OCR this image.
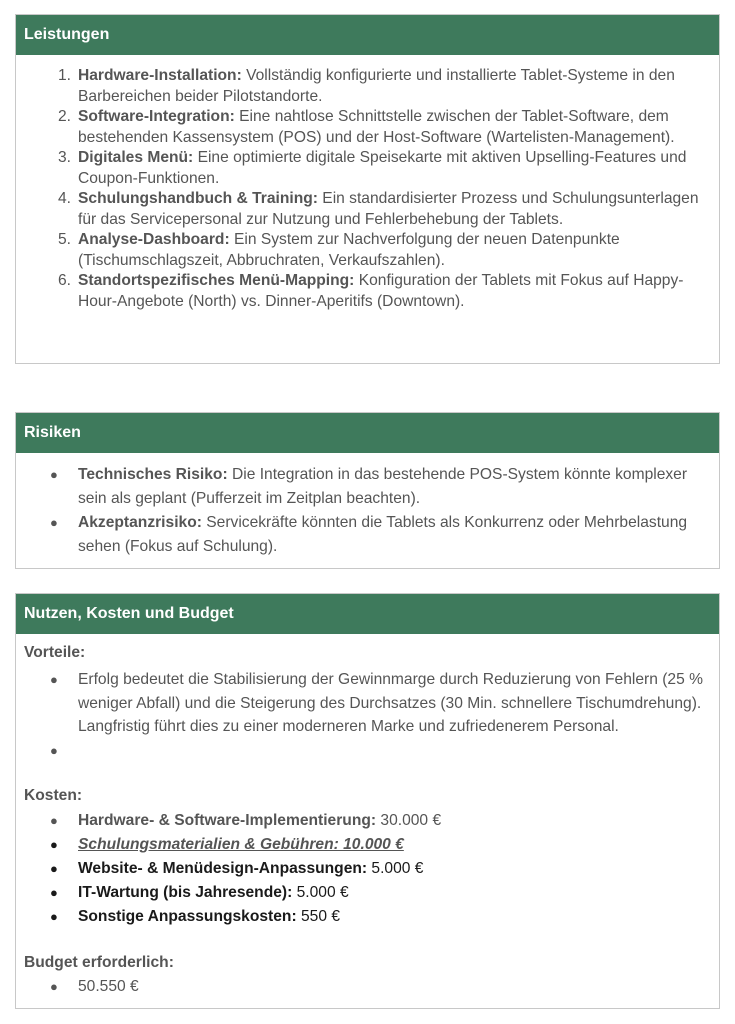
Leistungen
1. Hardware-Installation: Vollständig konfigurierte und installierte Tablet-Systeme in den Barbereichen beider Pilotstandorte.
2. Software-Integration: Eine nahtlose Schnittstelle zwischen der Tablet-Software, dem bestehenden Kassensystem (POS) und der Host-Software (Wartelisten-Management).
3. Digitales Menü: Eine optimierte digitale Speisekarte mit aktiven Upselling-Features und Coupon-Funktionen.
4. Schulungshandbuch & Training: Ein standardisierter Prozess und Schulungsunterlagen für das Servicepersonal zur Nutzung und Fehlerbehebung der Tablets.
5. Analyse-Dashboard: Ein System zur Nachverfolgung der neuen Datenpunkte (Tischumschlagszeit, Abbruchraten, Verkaufszahlen).
6. Standortspezifisches Menü-Mapping: Konfiguration der Tablets mit Fokus auf Happy-Hour-Angebote (North) vs. Dinner-Aperitifs (Downtown).
Risiken
● Technisches Risiko: Die Integration in das bestehende POS-System könnte komplexer sein als geplant (Pufferzeit im Zeitplan beachten).
● Akzeptanzrisiko: Servicekräfte könnten die Tablets als Konkurrenz oder Mehrbelastung sehen (Fokus auf Schulung).
Nutzen, Kosten und Budget
Vorteile:
● Erfolg bedeutet die Stabilisierung der Gewinnmarge durch Reduzierung von Fehlern (25 % weniger Abfall) und die Steigerung des Durchsatzes (30 Min. schnellere Tischumdrehung). Langfristig führt dies zu einer moderneren Marke und zufriedenerem Personal.
●
Kosten:
● Hardware- & Software-Implementierung: 30.000 €
● Schulungsmaterialien & Gebühren: 10.000 €
● Website- & Menüdesign-Anpassungen: 5.000 €
● IT-Wartung (bis Jahresende): 5.000 €
● Sonstige Anpassungskosten: 550 €
Budget erforderlich:
● 50.550 €
